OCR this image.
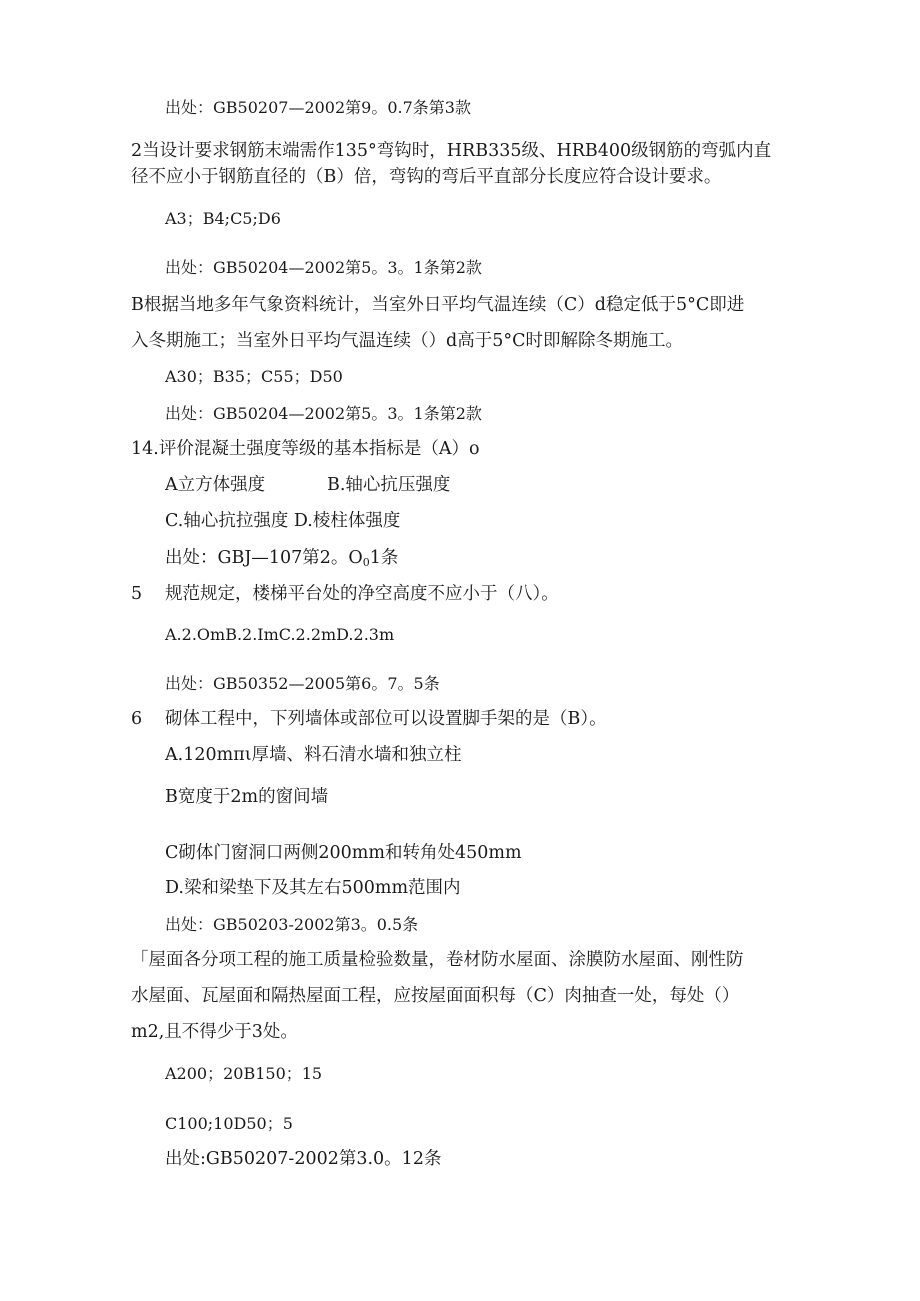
出处：GB50207—2002第9。0.7条第3款
2当设计要求钢筋末端需作135°弯钩时，HRB335级、HRB400级钢筋的弯弧内直
径不应小于钢筋直径的（B）倍，弯钩的弯后平直部分长度应符合设计要求。
A3；B4;C5;D6
出处：GB50204—2002第5。3。1条第2款
B根据当地多年气象资料统计，当室外日平均气温连续（C）d稳定低于5°C即进
入冬期施工；当室外日平均气温连续（）d高于5°C时即解除冬期施工。
A30；B35；C55；D50
出处：GB50204—2002第5。3。1条第2款
14.评价混凝土强度等级的基本指标是（A）o
A立方体强度	B.轴心抗压强度
C.轴心抗拉强度 D.棱柱体强度
出处：GBJ—107第2。$O_01$条
5 规范规定，楼梯平台处的净空高度不应小于（八）。
A.2.OmB.2.ImC.2.2mD.2.3m
出处：GB50352—2005第6。7。5条
6 砌体工程中，下列墙体或部位可以设置脚手架的是（B）。
A.120mπι厚墙、料石清水墙和独立柱
B宽度于2m的窗间墙
C砌体门窗洞口两侧200mm和转角处450mm
D.梁和梁垫下及其左右500mm范围内
出处：GB50203-2002第3。0.5条
「屋面各分项工程的施工质量检验数量，卷材防水屋面、涂膜防水屋面、刚性防
水屋面、瓦屋面和隔热屋面工程，应按屋面面积每（C）肉抽查一处，每处（）
m2,且不得少于3处。
A200；20B150；15
C100;10D50；5
出处:GB50207-2002第3.0。12条
